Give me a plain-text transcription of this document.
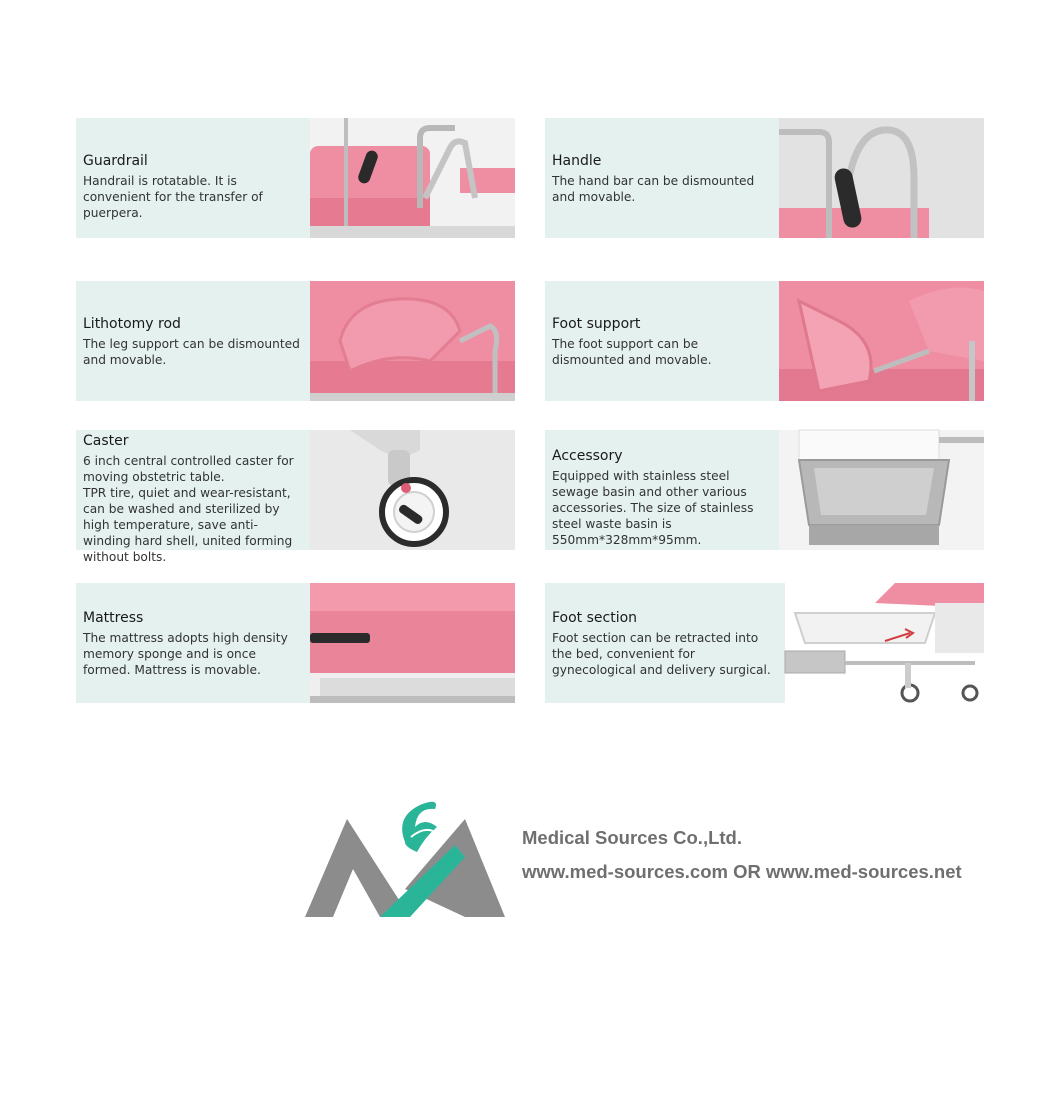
Guardrail
Handrail is rotatable. It is convenient for the transfer of puerpera.
Handle
The hand bar can be dismounted and movable.
Lithotomy rod
The leg support can be dismounted and movable.
Foot support
The foot support can be dismounted and movable.
Caster
6 inch central controlled caster for moving obstetric table.
TPR tire, quiet and wear-resistant, can be washed and sterilized by high temperature, save anti-winding hard shell, united forming without bolts.
Accessory
Equipped with stainless steel sewage basin and other various accessories. The size of stainless steel waste basin is 550mm*328mm*95mm.
Mattress
The mattress adopts high density memory sponge and is once formed. Mattress is movable.
Foot section
Foot section can be retracted into the bed, convenient for gynecological and delivery surgical.
Medical Sources Co.,Ltd.
www.med-sources.com OR www.med-sources.net
